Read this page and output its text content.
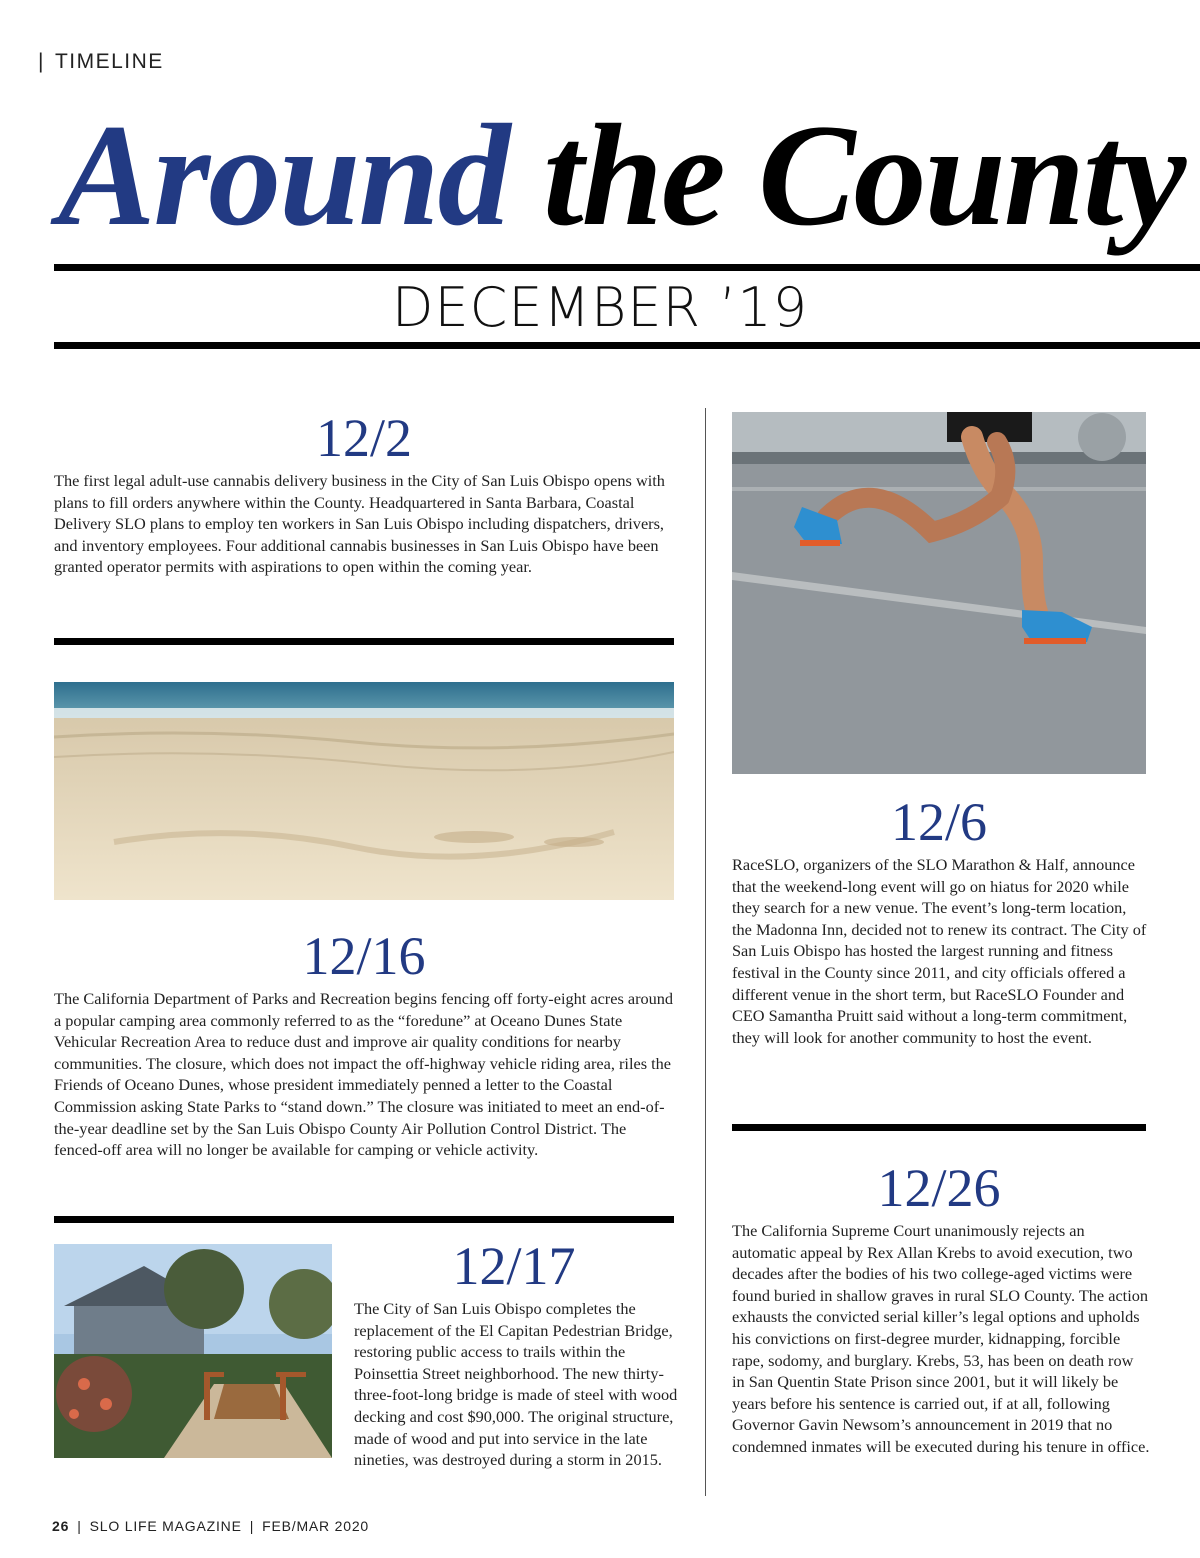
| TIMELINE
Around the County
DECEMBER ’19
12/2
The first legal adult-use cannabis delivery business in the City of San Luis Obispo opens with plans to fill orders anywhere within the County. Headquartered in Santa Barbara, Coastal Delivery SLO plans to employ ten workers in San Luis Obispo including dispatchers, drivers, and inventory employees. Four additional cannabis businesses in San Luis Obispo have been granted operator permits with aspirations to open within the coming year.
12/16
The California Department of Parks and Recreation begins fencing off forty-eight acres around a popular camping area commonly referred to as the “foredune” at Oceano Dunes State Vehicular Recreation Area to reduce dust and improve air quality conditions for nearby communities. The closure, which does not impact the off-highway vehicle riding area, riles the Friends of Oceano Dunes, whose president immediately penned a letter to the Coastal Commission asking State Parks to “stand down.” The closure was initiated to meet an end-of-the-year deadline set by the San Luis Obispo County Air Pollution Control District. The fenced-off area will no longer be available for camping or vehicle activity.
12/17
The City of San Luis Obispo completes the replacement of the El Capitan Pedestrian Bridge, restoring public access to trails within the Poinsettia Street neighborhood. The new thirty-three-foot-long bridge is made of steel with wood decking and cost $90,000. The original structure, made of wood and put into service in the late nineties, was destroyed during a storm in 2015.
12/6
RaceSLO, organizers of the SLO Marathon & Half, announce that the weekend-long event will go on hiatus for 2020 while they search for a new venue. The event’s long-term location, the Madonna Inn, decided not to renew its contract. The City of San Luis Obispo has hosted the largest running and fitness festival in the County since 2011, and city officials offered a different venue in the short term, but RaceSLO Founder and CEO Samantha Pruitt said without a long-term commitment, they will look for another community to host the event.
12/26
The California Supreme Court unanimously rejects an automatic appeal by Rex Allan Krebs to avoid execution, two decades after the bodies of his two college-aged victims were found buried in shallow graves in rural SLO County. The action exhausts the convicted serial killer’s legal options and upholds his convictions on first-degree murder, kidnapping, forcible rape, sodomy, and burglary. Krebs, 53, has been on death row in San Quentin State Prison since 2001, but it will likely be years before his sentence is carried out, if at all, following Governor Gavin Newsom’s announcement in 2019 that no condemned inmates will be executed during his tenure in office.
26 | SLO LIFE MAGAZINE | FEB/MAR 2020
